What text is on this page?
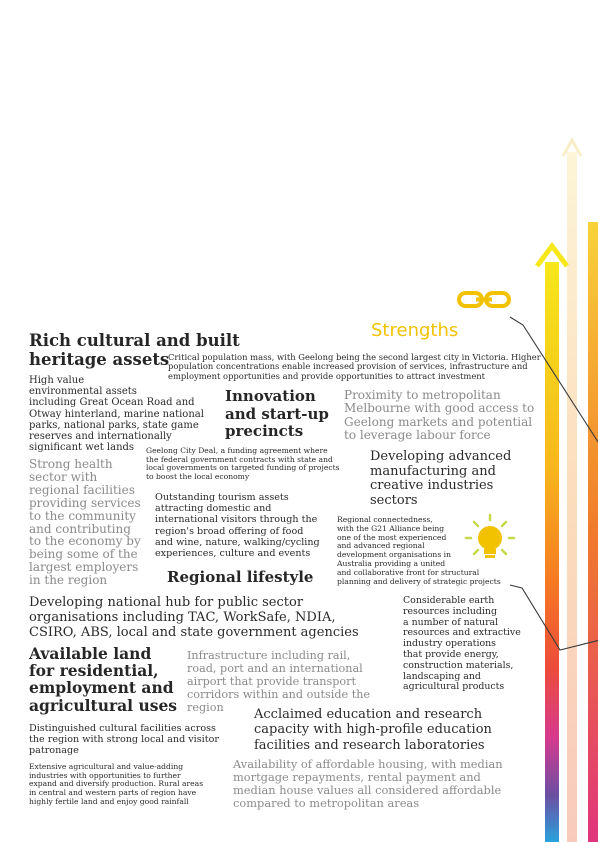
Strengths
Rich cultural and built
heritage assets
Critical population mass, with Geelong being the second largest city in Victoria. Higher
population concentrations enable increased provision of services, infrastructure and
employment opportunities and provide opportunities to attract investment
High value
environmental assets
including Great Ocean Road and
Otway hinterland, marine national
parks, national parks, state game
reserves and internationally
significant wet lands
Innovation
and start-up
precincts
Proximity to metropolitan
Melbourne with good access to
Geelong markets and potential
to leverage labour force
Strong health
sector with
regional facilities
providing services
to the community
and contributing
to the economy by
being some of the
largest employers
in the region
Geelong City Deal, a funding agreement where
the federal government contracts with state and
local governments on targeted funding of projects
to boost the local economy
Developing advanced
manufacturing and
creative industries
sectors
Outstanding tourism assets
attracting domestic and
international visitors through the
region's broad offering of food
and wine, nature, walking/cycling
experiences, culture and events
Regional connectedness,
with the G21 Alliance being
one of the most experienced
and advanced regional
development organisations in
Australia providing a united
and collaborative front for structural
planning and delivery of strategic projects
Regional lifestyle
Developing national hub for public sector
organisations including TAC, WorkSafe, NDIA,
CSIRO, ABS, local and state government agencies
Considerable earth
resources including
a number of natural
resources and extractive
industry operations
that provide energy,
construction materials,
landscaping and
agricultural products
Available land
for residential,
employment and
agricultural uses
Infrastructure including rail,
road, port and an international
airport that provide transport
corridors within and outside the
region	Acclaimed education and research
capacity with high-profile education
facilities and research laboratories
Distinguished cultural facilities across
the region with strong local and visitor
patronage
Availability of affordable housing, with median
mortgage repayments, rental payment and
median house values all considered affordable
compared to metropolitan areas
Extensive agricultural and value-adding
industries with opportunities to further
expand and diversify production. Rural areas
in central and western parts of region have
highly fertile land and enjoy good rainfall
